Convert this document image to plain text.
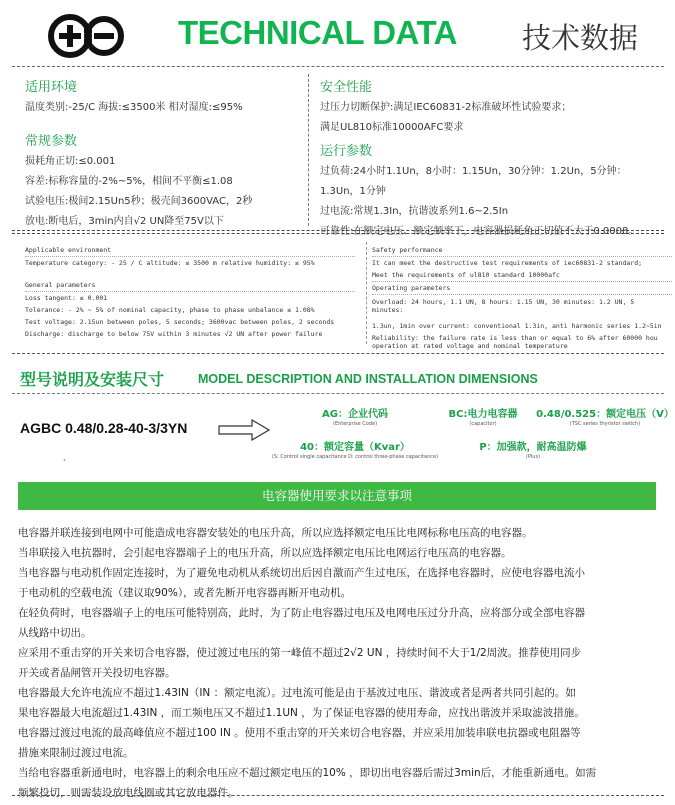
TECHNICAL DATA 技术数据
适用环境
温度类别:-25/C 海拔:≤3500米 相对湿度:≤95%
常规参数
损耗角正切:≤0.001
容差:标称容量的-2%~5%，相间不平衡≤1.08
试验电压:极间2.15Un5秒；极壳间3600VAC，2秒
放电:断电后，3min内自√2 UN降至75V以下
安全性能
过压力切断保护:满足IEC60831-2标准破坏性试验要求；
满足UL810标准10000AFC要求
运行参数
过负荷:24小时1.1Un，8小时：1.15Un，30分钟：1.2Un，5分钟：
1.3Un，1分钟
过电流:常规1.3In，抗谐波系列1.6~2.5In
可靠性:在额定电压、额定频率下，电容器损耗角正切值不大于0.0008。
Applicable environment
Temperature category: - 25 / C altitude: ≤ 3500 m relative humidity: ≤ 95%
General parameters
Loss tangent: ≤ 0.001
Tolerance: - 2% ~ 5% of nominal capacity, phase to phase unbalance ≤ 1.08%
Test voltage: 2.15un between poles, 5 seconds; 3600vac between poles, 2 seconds
Discharge: discharge to below 75V within 3 minutes √2 UN after power failure
Safety performance
It can meet the destructive test requirements of iec60831-2 standard;
Meet the requirements of ul810 standard 10000afc
Operating parameters
Overload: 24 hours, 1.1 UN, 8 hours: 1.15 UN, 30 minutes: 1.2 UN, 5
minutes:
1.3un, 1min over current: conventional 1.3in, anti harmonic series 1.2~5in
Reliability: the failure rate is less than or equal to 6% after 60000 hou
operation at rated voltage and nominal temperature
型号说明及安装尺寸	MODEL DESCRIPTION AND INSTALLATION DIMENSIONS
AGBC 0.48/0.28-40-3/3YN
、
AG：企业代码
(Enterprise Code)
BC:电力电容器
(capacitor)
0.48/0.525：额定电压（V）
(TSC series thyristor switch)
40：额定容量（Kvar）
(S: Control single capacitance D: control three-phase capacitance)
P：加强款，耐高温防爆
(Plus)
电容器使用要求以注意事项

电容器并联连接到电网中可能造成电容器安装处的电压升高，所以应选择额定电压比电网标称电压高的电容器。

当串联接入电抗器时，会引起电容器端子上的电压升高，所以应选择额定电压比电网运行电压高的电容器。

当电容器与电动机作固定连接时，为了避免电动机从系统切出后因自激而产生过电压，在选择电容器时，应使电容器电流小

于电动机的空载电流（建议取90%），或者先断开电容器再断开电动机。

在轻负荷时，电容器端子上的电压可能特别高，此时，为了防止电容器过电压及电网电压过分升高，应将部分或全部电容器

从线路中切出。

应采用不重击穿的开关来切合电容器，使过渡过电压的第一峰值不超过2√2 UN ，持续时间不大于1/2周波。推荐使用同步

开关或者晶闸管开关投切电容器。

电容器最大允许电流应不超过1.43IN（IN ：额定电流）。过电流可能是由于基波过电压、谐波或者是两者共同引起的。如

果电容器最大电流超过1.43IN ，而工频电压又不超过1.1UN ，为了保证电容器的使用寿命，应找出谐波并采取滤波措施。

电容器过渡过电流的最高峰值应不超过100 IN 。使用不重击穿的开关来切合电容器，并应采用加装串联电抗器或电阻器等

措施来限制过渡过电流。

当给电容器重新通电时，电容器上的剩余电压应不超过额定电压的10% ，即切出电容器后需过3min后，才能重新通电。如需

频繁投切，则需装设放电线圈或其它放电器件。
